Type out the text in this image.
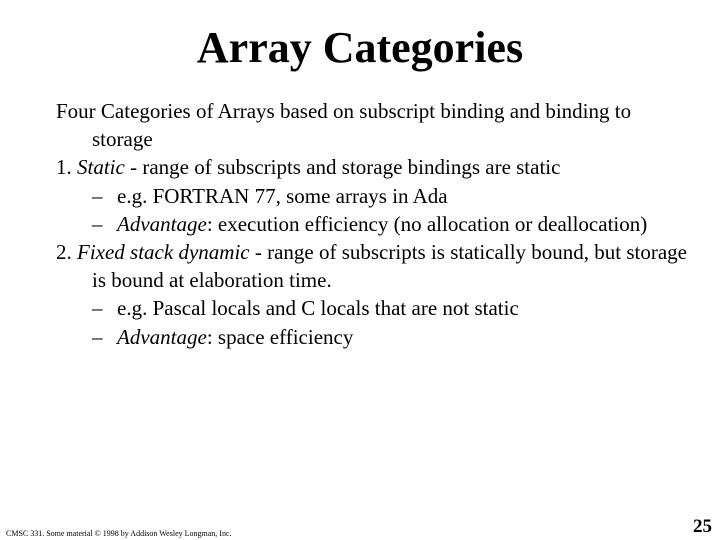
Array Categories

Four Categories of Arrays based on subscript binding and binding to storage

1. Static - range of subscripts and storage bindings are static

– e.g. FORTRAN 77, some arrays in Ada

– Advantage: execution efficiency (no allocation or deallocation)

2. Fixed stack dynamic - range of subscripts is statically bound, but storage is bound at elaboration time.

– e.g. Pascal locals and C locals that are not static

– Advantage: space efficiency

CMSC 331. Some material © 1998 by Addison Wesley Longman, Inc.	25
